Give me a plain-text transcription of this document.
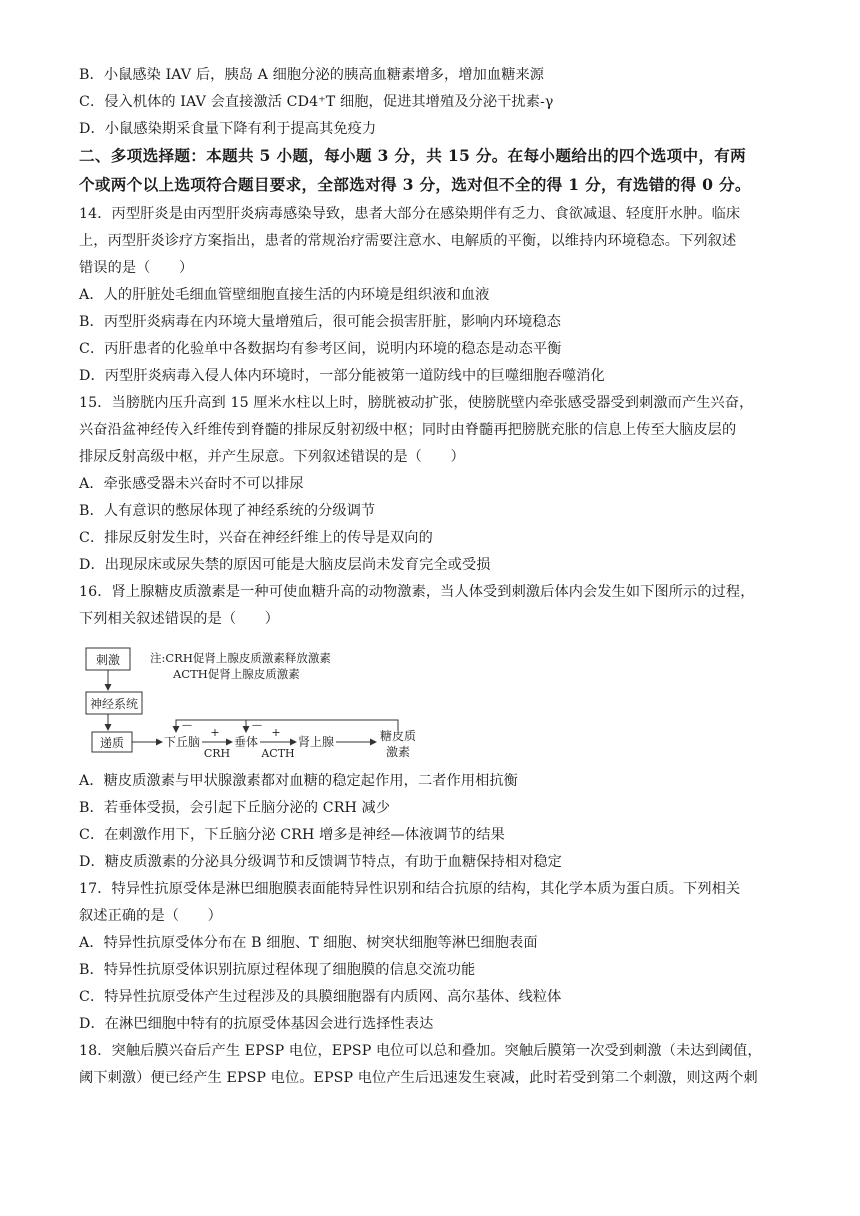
B．小鼠感染 IAV 后，胰岛 A 细胞分泌的胰高血糖素增多，增加血糖来源
C．侵入机体的 IAV 会直接激活 CD4⁺T 细胞，促进其增殖及分泌干扰素-γ
D．小鼠感染期采食量下降有利于提高其免疫力
二、多项选择题：本题共 5 小题，每小题 3 分，共 15 分。在每小题给出的四个选项中，有两
个或两个以上选项符合题目要求，全部选对得 3 分，选对但不全的得 1 分，有选错的得 0 分。
14．丙型肝炎是由丙型肝炎病毒感染导致，患者大部分在感染期伴有乏力、食欲减退、轻度肝水肿。临床
上，丙型肝炎诊疗方案指出，患者的常规治疗需要注意水、电解质的平衡，以维持内环境稳态。下列叙述
错误的是（　　）
A．人的肝脏处毛细血管壁细胞直接生活的内环境是组织液和血液
B．丙型肝炎病毒在内环境大量增殖后，很可能会损害肝脏，影响内环境稳态
C．丙肝患者的化验单中各数据均有参考区间，说明内环境的稳态是动态平衡
D．丙型肝炎病毒入侵人体内环境时，一部分能被第一道防线中的巨噬细胞吞噬消化
15．当膀胱内压升高到 15 厘米水柱以上时，膀胱被动扩张，使膀胱壁内牵张感受器受到刺激而产生兴奋，
兴奋沿盆神经传入纤维传到脊髓的排尿反射初级中枢；同时由脊髓再把膀胱充胀的信息上传至大脑皮层的
排尿反射高级中枢，并产生尿意。下列叙述错误的是（　　）
A．牵张感受器未兴奋时不可以排尿
B．人有意识的憋尿体现了神经系统的分级调节
C．排尿反射发生时，兴奋在神经纤维上的传导是双向的
D．出现尿床或尿失禁的原因可能是大脑皮层尚未发育完全或受损
16．肾上腺糖皮质激素是一种可使血糖升高的动物激素，当人体受到刺激后体内会发生如下图所示的过程，
下列相关叙述错误的是（　　）
刺激	注:CRH促肾上腺皮质激素释放激素
ACTH促肾上腺皮质激素
神经系统
递质	下丘脑
+
CRH
垂体
+
ACTH
肾上腺	糖皮质
激素
—	—
A．糖皮质激素与甲状腺激素都对血糖的稳定起作用，二者作用相抗衡
B．若垂体受损，会引起下丘脑分泌的 CRH 减少
C．在刺激作用下，下丘脑分泌 CRH 增多是神经—体液调节的结果
D．糖皮质激素的分泌具分级调节和反馈调节特点，有助于血糖保持相对稳定
17．特异性抗原受体是淋巴细胞膜表面能特异性识别和结合抗原的结构，其化学本质为蛋白质。下列相关
叙述正确的是（　　）
A．特异性抗原受体分布在 B 细胞、T 细胞、树突状细胞等淋巴细胞表面
B．特异性抗原受体识别抗原过程体现了细胞膜的信息交流功能
C．特异性抗原受体产生过程涉及的具膜细胞器有内质网、高尔基体、线粒体
D．在淋巴细胞中特有的抗原受体基因会进行选择性表达
18．突触后膜兴奋后产生 EPSP 电位，EPSP 电位可以总和叠加。突触后膜第一次受到刺激（未达到阈值，
阈下刺激）便已经产生 EPSP 电位。EPSP 电位产生后迅速发生衰减，此时若受到第二个刺激，则这两个刺
